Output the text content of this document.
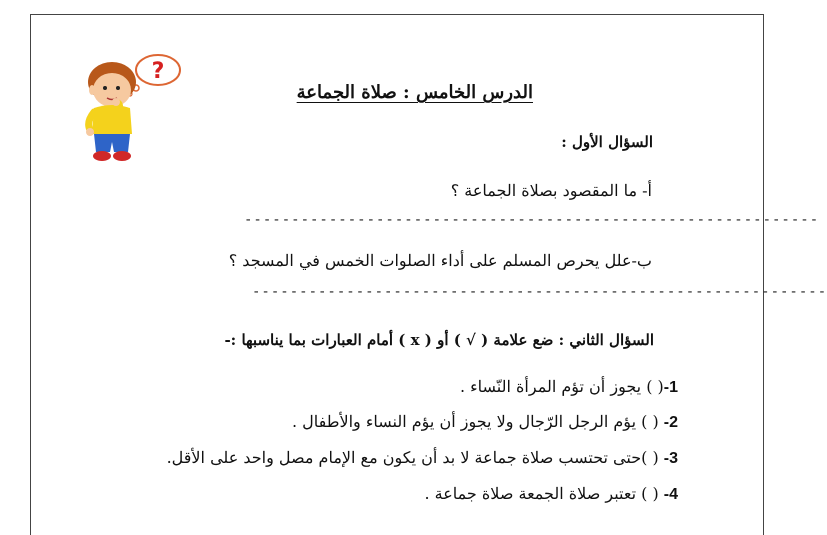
?
الدرس الخامس : صلاة الجماعة
السؤال الأول :
أ- ما المقصود بصلاة الجماعة ؟
-------------------------------------------------------------
ب-علل يحرص المسلم على أداء الصلوات الخمس في المسجد ؟
-------------------------------------------------------------
السؤال الثاني : ضع علامة ( √ ) أو ( x ) أمام العبارات بما يناسبها :-
1-( ) يجوز أن تؤم المرأة النّساء .
2- ( ) يؤم الرجل الرّجال ولا يجوز أن يؤم النساء والأطفال .
3- ( )حتى تحتسب صلاة جماعة لا بد أن يكون مع الإمام مصل واحد على الأقل.
4- ( ) تعتبر صلاة الجمعة صلاة جماعة .
